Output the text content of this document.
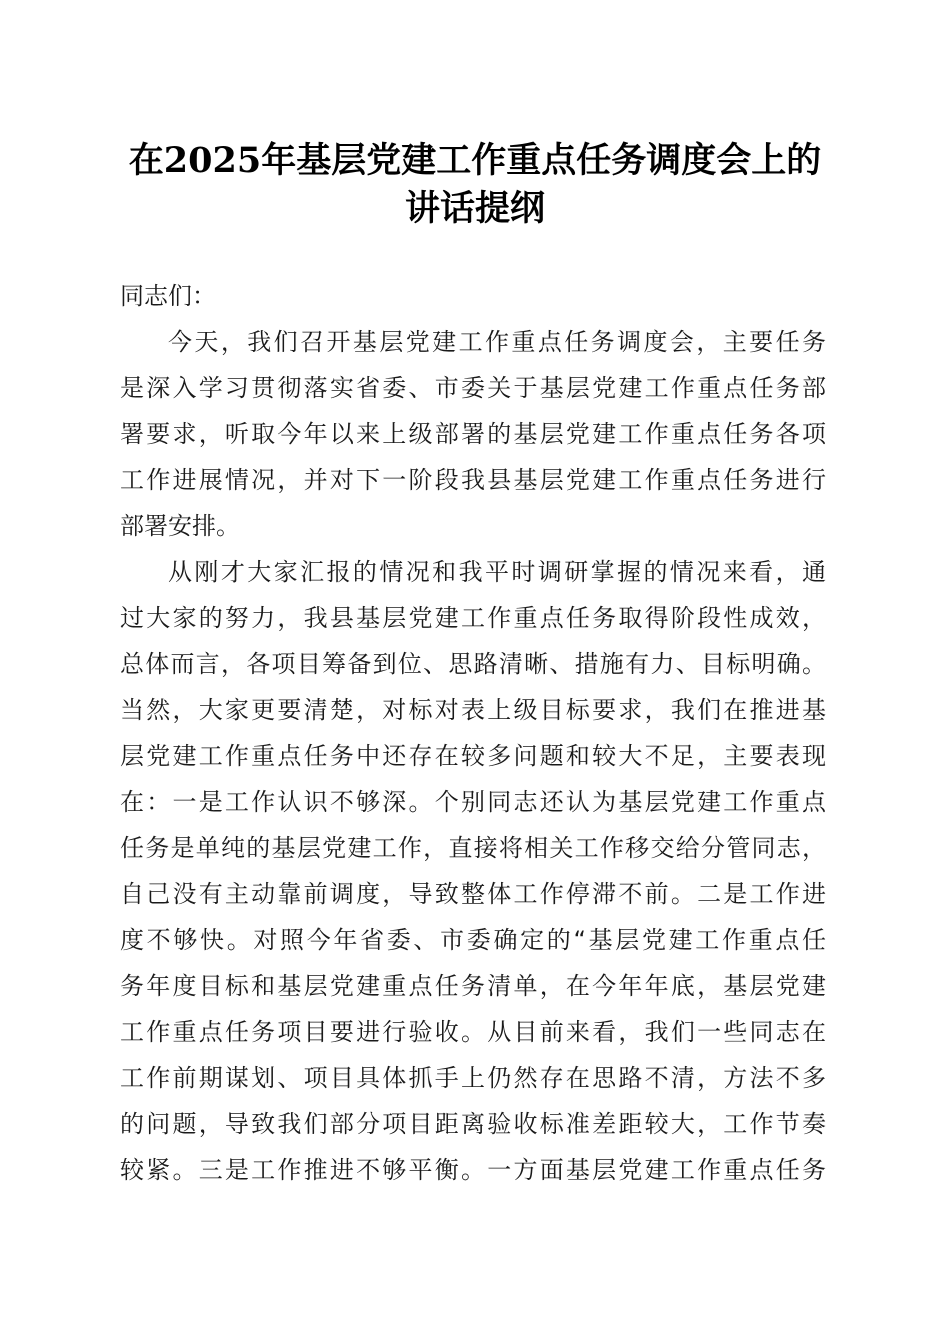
在2025年基层党建工作重点任务调度会上的
讲话提纲
同志们：
今天，我们召开基层党建工作重点任务调度会，主要任务
是深入学习贯彻落实省委、市委关于基层党建工作重点任务部
署要求，听取今年以来上级部署的基层党建工作重点任务各项
工作进展情况，并对下一阶段我县基层党建工作重点任务进行
部署安排。
从刚才大家汇报的情况和我平时调研掌握的情况来看，通
过大家的努力，我县基层党建工作重点任务取得阶段性成效，
总体而言，各项目筹备到位、思路清晰、措施有力、目标明确。
当然，大家更要清楚，对标对表上级目标要求，我们在推进基
层党建工作重点任务中还存在较多问题和较大不足，主要表现
在：一是工作认识不够深。个别同志还认为基层党建工作重点
任务是单纯的基层党建工作，直接将相关工作移交给分管同志，
自己没有主动靠前调度，导致整体工作停滞不前。二是工作进
度不够快。对照今年省委、市委确定的“基层党建工作重点任
务年度目标和基层党建重点任务清单，在今年年底，基层党建
工作重点任务项目要进行验收。从目前来看，我们一些同志在
工作前期谋划、项目具体抓手上仍然存在思路不清，方法不多
的问题，导致我们部分项目距离验收标准差距较大，工作节奏
较紧。三是工作推进不够平衡。一方面基层党建工作重点任务
